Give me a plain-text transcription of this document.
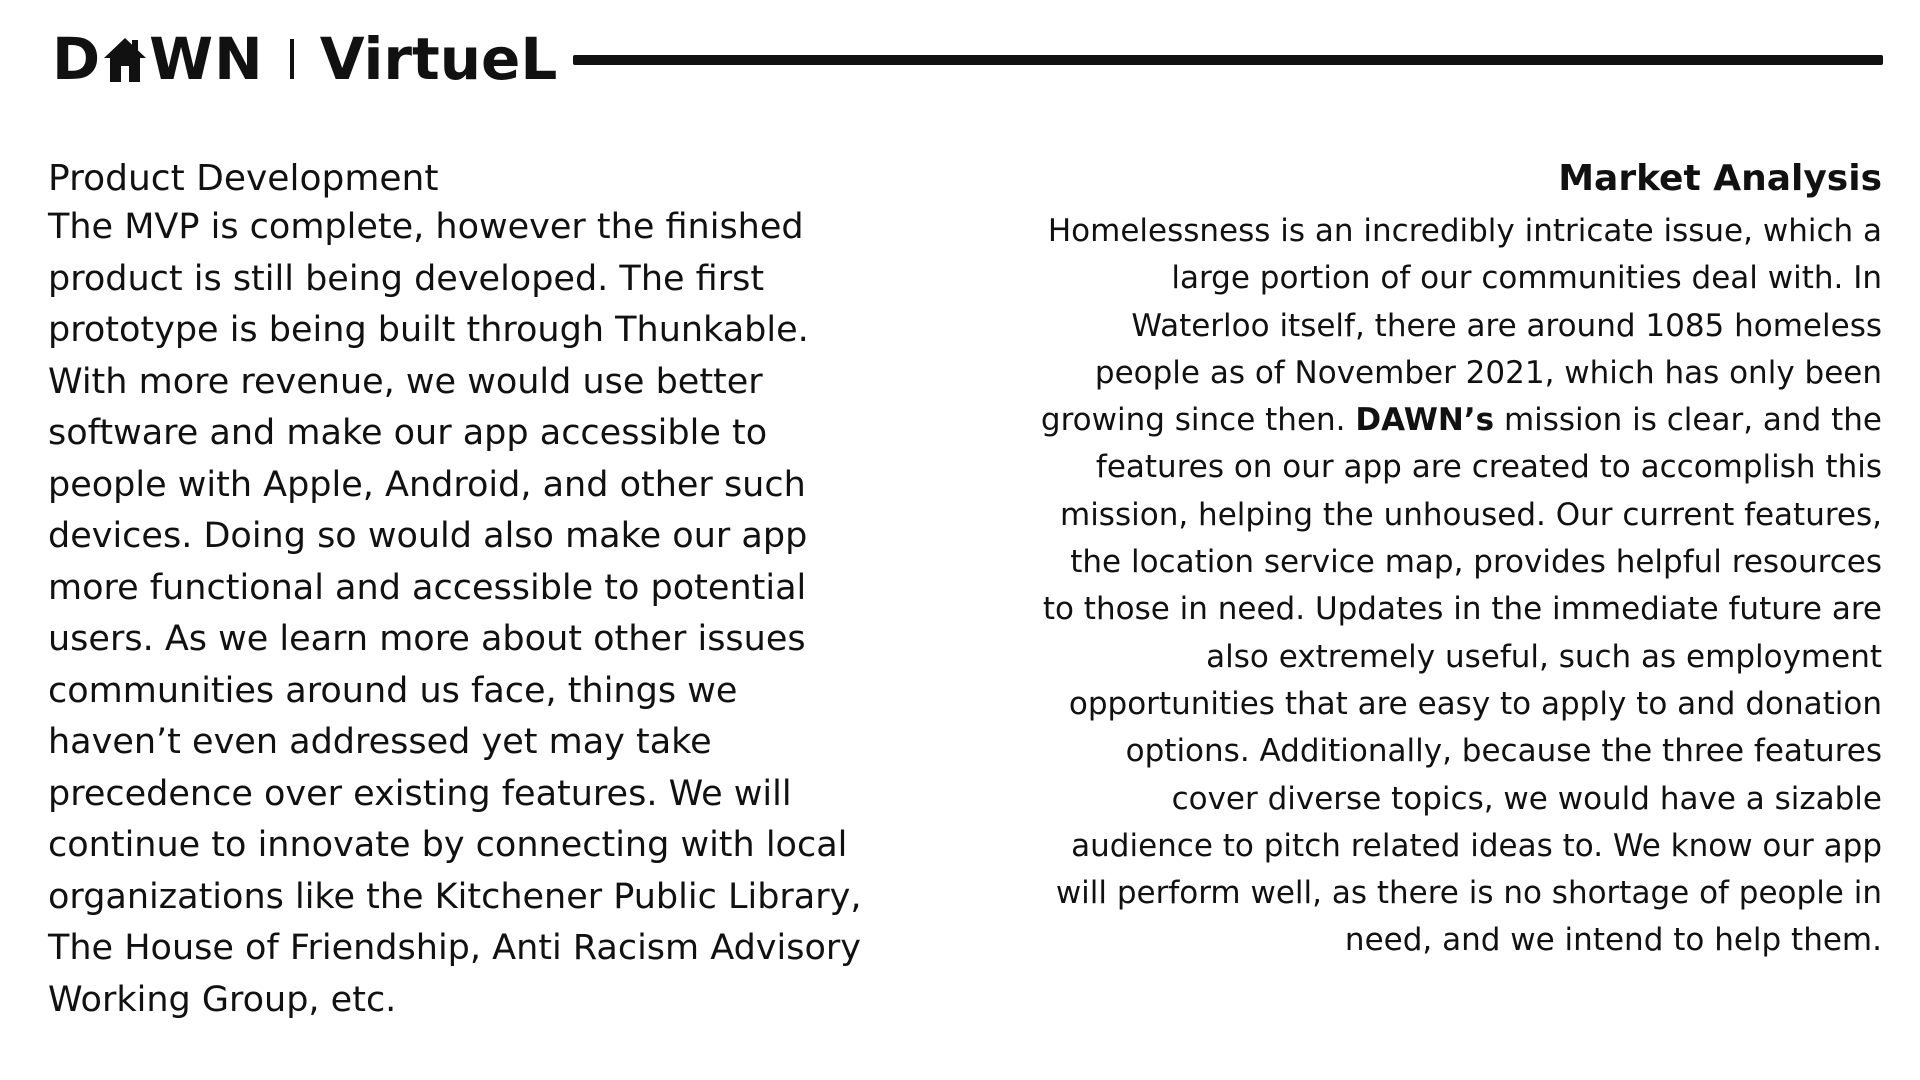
D WN VirtueL
Product Development

The MVP is complete, however the finished
product is still being developed. The first
prototype is being built through Thunkable.
With more revenue, we would use better
software and make our app accessible to
people with Apple, Android, and other such
devices. Doing so would also make our app
more functional and accessible to potential
users. As we learn more about other issues
communities around us face, things we
haven’t even addressed yet may take
precedence over existing features. We will
continue to innovate by connecting with local
organizations like the Kitchener Public Library,
The House of Friendship, Anti Racism Advisory
Working Group, etc.

Market Analysis

Homelessness is an incredibly intricate issue, which a
large portion of our communities deal with. In
Waterloo itself, there are around 1085 homeless
people as of November 2021, which has only been
growing since then. DAWN’s mission is clear, and the
features on our app are created to accomplish this
mission, helping the unhoused. Our current features,
the location service map, provides helpful resources
to those in need. Updates in the immediate future are
also extremely useful, such as employment
opportunities that are easy to apply to and donation
options. Additionally, because the three features
cover diverse topics, we would have a sizable
audience to pitch related ideas to. We know our app
will perform well, as there is no shortage of people in
need, and we intend to help them.
